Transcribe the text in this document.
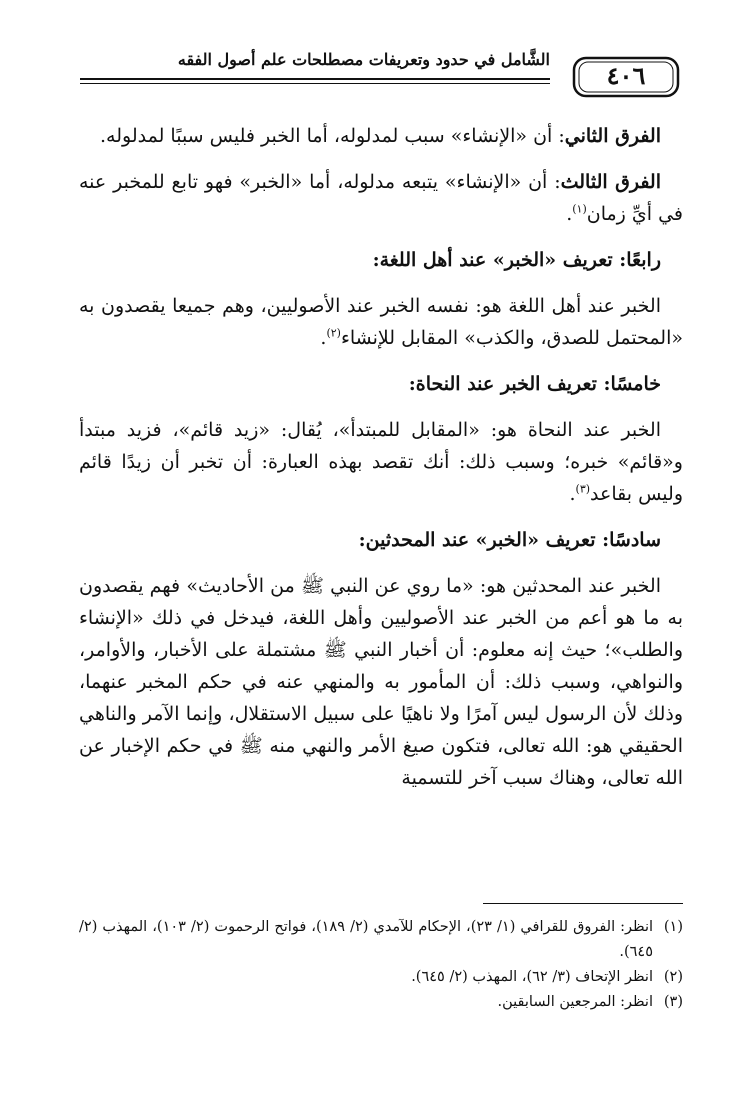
الشَّامل في حدود وتعريفات مصطلحات علم أصول الفقه
٤٠٦

الفرق الثاني: أن «الإنشاء» سبب لمدلوله، أما الخبر فليس سببًا لمدلوله.

الفرق الثالث: أن «الإنشاء» يتبعه مدلوله، أما «الخبر» فهو تابع للمخبر عنه في أيِّ زمان$^{(١)}$.

رابعًا: تعريف «الخبر» عند أهل اللغة:

الخبر عند أهل اللغة هو: نفسه الخبر عند الأصوليين، وهم جميعا يقصدون به «المحتمل للصدق، والكذب» المقابل للإنشاء$^{(٢)}$.

خامسًا: تعريف الخبر عند النحاة:

الخبر عند النحاة هو: «المقابل للمبتدأ»، يُقال: «زيد قائم»، فزيد مبتدأ و«قائم» خبره؛ وسبب ذلك: أنك تقصد بهذه العبارة: أن تخبر أن زيدًا قائم وليس بقاعد$^{(٣)}$.

سادسًا: تعريف «الخبر» عند المحدثين:

الخبر عند المحدثين هو: «ما روي عن النبي ﷺ من الأحاديث» فهم يقصدون به ما هو أعم من الخبر عند الأصوليين وأهل اللغة، فيدخل في ذلك «الإنشاء والطلب»؛ حيث إنه معلوم: أن أخبار النبي ﷺ مشتملة على الأخبار، والأوامر، والنواهي، وسبب ذلك: أن المأمور به والمنهي عنه في حكم المخبر عنهما، وذلك لأن الرسول ليس آمرًا ولا ناهيًا على سبيل الاستقلال، وإنما الآمر والناهي الحقيقي هو: الله تعالى، فتكون صيغ الأمر والنهي منه ﷺ في حكم الإخبار عن الله تعالى، وهناك سبب آخر للتسمية

(١)
انظر: الفروق للقرافي (١/ ٢٣)، الإحكام للآمدي (٢/ ١٨٩)، فواتح الرحموت (٢/ ١٠٣)، المهذب (٢/ ٦٤٥).

(٢)
انظر الإتحاف (٣/ ٦٢)، المهذب (٢/ ٦٤٥).

(٣)
انظر: المرجعين السابقين.
